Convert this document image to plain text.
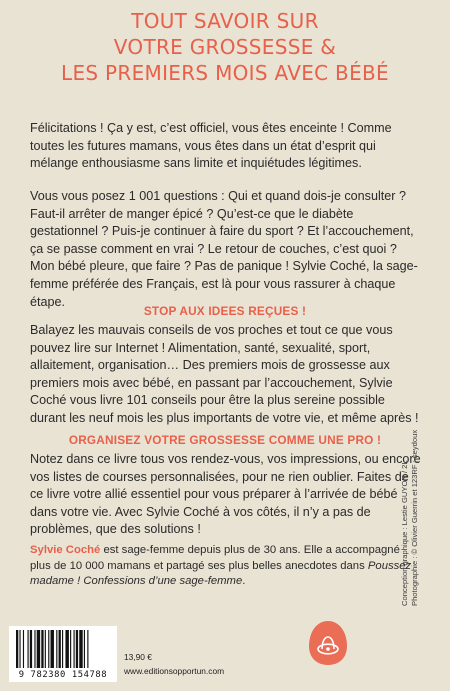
TOUT SAVOIR SUR
VOTRE GROSSESSE &
LES PREMIERS MOIS AVEC BÉBÉ

Félicitations ! Ça y est, c’est officiel, vous êtes enceinte ! Comme toutes les futures mamans, vous êtes dans un état d’esprit qui mélange enthousiasme sans limite et inquiétudes légitimes.

Vous vous posez 1 001 questions : Qui et quand dois-je consulter ? Faut-il arrêter de manger épicé ? Qu’est-ce que le diabète gestationnel ? Puis-je continuer à faire du sport ? Et l’accouchement, ça se passe comment en vrai ? Le retour de couches, c’est quoi ? Mon bébé pleure, que faire ? Pas de panique ! Sylvie Coché, la sage-femme préférée des Français, est là pour vous rassurer à chaque étape.

STOP AUX IDEES REÇUES !

Balayez les mauvais conseils de vos proches et tout ce que vous pouvez lire sur Internet ! Alimentation, santé, sexualité, sport, allaitement, organisation… Des premiers mois de grossesse aux premiers mois avec bébé, en passant par l’accouchement, Sylvie Coché vous livre 101 conseils pour être la plus sereine possible durant les neuf mois les plus importants de votre vie, et même après !

ORGANISEZ VOTRE GROSSESSE COMME UNE PRO !

Notez dans ce livre tous vos rendez-vous, vos impressions, ou encore vos listes de courses personnalisées, pour ne rien oublier. Faites de ce livre votre allié essentiel pour vous préparer à l’arrivée de bébé dans votre vie. Avec Sylvie Coché à vos côtés, il n’y a pas de problèmes, que des solutions !

Sylvie Coché est sage-femme depuis plus de 30 ans. Elle a accompagné plus de 10 000 mamans et partagé ses plus belles anecdotes dans Poussez madame ! Confessions d’une sage-femme.	Conception graphique : Lestie GUYON / 2L Photographie : © Olivier Guerrin et 123RF ; seydoux
9 782380 154788
13,90 €
www.editionsopportun.com
